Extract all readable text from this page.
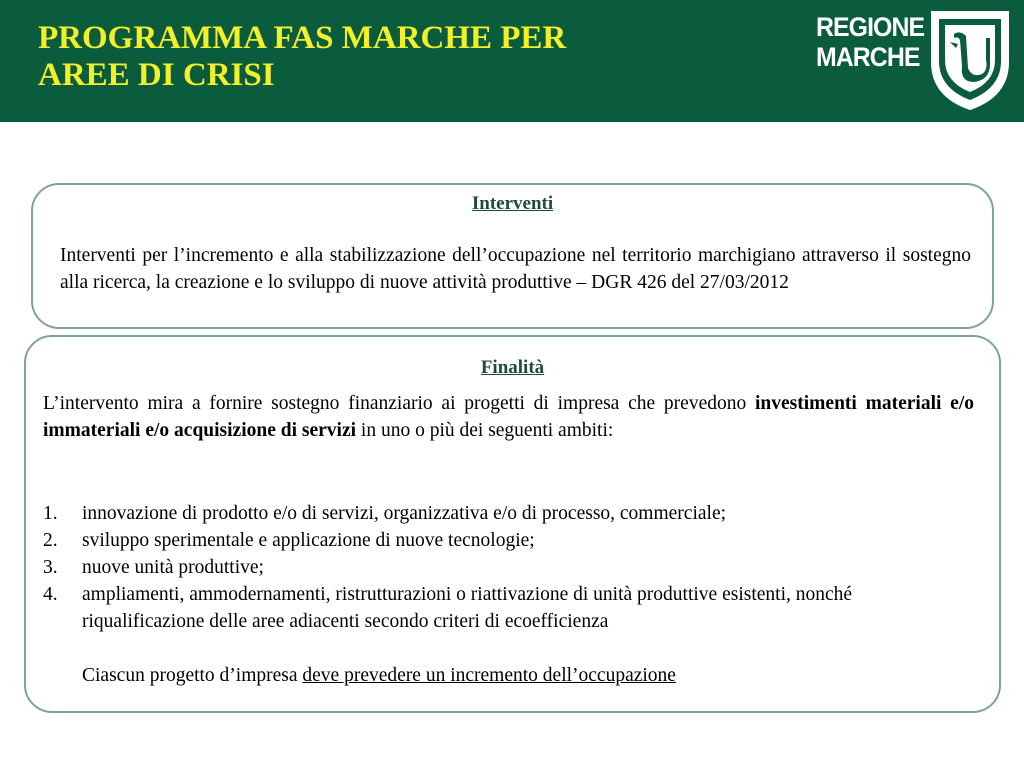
PROGRAMMA FAS MARCHE PER
AREE DI CRISI
REGIONE
MARCHE
Interventi
Interventi per l’incremento e alla stabilizzazione dell’occupazione nel territorio marchigiano attraverso il sostegno alla ricerca, la creazione e lo sviluppo di nuove attività produttive – DGR 426 del 27/03/2012
Finalità
L’intervento mira a fornire sostegno finanziario ai progetti di impresa che prevedono investimenti materiali e/o immateriali e/o acquisizione di servizi in uno o più dei seguenti ambiti:
1. innovazione di prodotto e/o di servizi, organizzativa e/o di processo, commerciale;
2. sviluppo sperimentale e applicazione di nuove tecnologie;
3. nuove unità produttive;
4. ampliamenti, ammodernamenti, ristrutturazioni o riattivazione di unità produttive esistenti, nonché riqualificazione delle aree adiacenti secondo criteri di ecoefficienza
Ciascun progetto d’impresa deve prevedere un incremento dell’occupazione
